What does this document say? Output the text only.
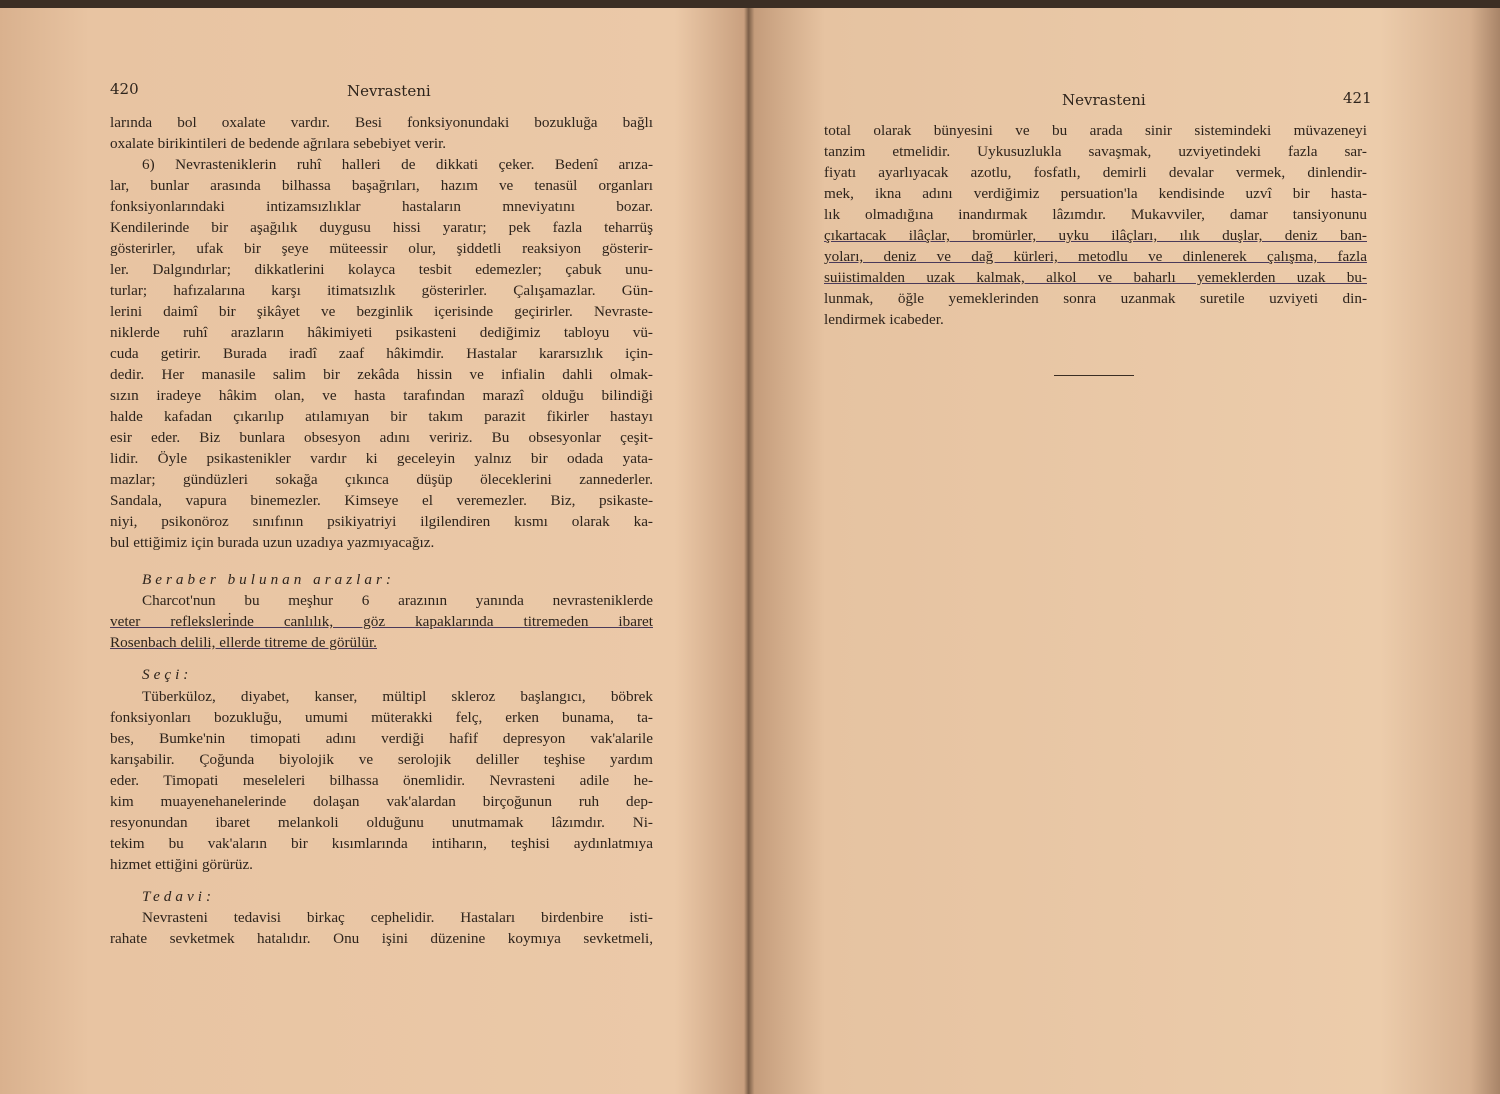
420	Nevrasteni
larında bol oxalate vardır. Besi fonksiyonundaki bozukluğa bağlı
oxalate birikintileri de bedende ağrılara sebebiyet verir.
6) Nevrasteniklerin ruhî halleri de dikkati çeker. Bedenî arıza-
lar, bunlar arasında bilhassa başağrıları, hazım ve tenasül organları
fonksiyonlarındaki intizamsızlıklar hastaların mneviyatını bozar.
Kendilerinde bir aşağılık duygusu hissi yaratır; pek fazla teharrüş
gösterirler, ufak bir şeye müteessir olur, şiddetli reaksiyon gösterir-
ler. Dalgındırlar; dikkatlerini kolayca tesbit edemezler; çabuk unu-
turlar; hafızalarına karşı itimatsızlık gösterirler. Çalışamazlar. Gün-
lerini daimî bir şikâyet ve bezginlik içerisinde geçirirler. Nevraste-
niklerde ruhî arazların hâkimiyeti psikasteni dediğimiz tabloyu vü-
cuda getirir. Burada iradî zaaf hâkimdir. Hastalar kararsızlık için-
dedir. Her manasile salim bir zekâda hissin ve infialin dahli olmak-
sızın iradeye hâkim olan, ve hasta tarafından marazî olduğu bilindiği
halde kafadan çıkarılıp atılamıyan bir takım parazit fikirler hastayı
esir eder. Biz bunlara obsesyon adını veririz. Bu obsesyonlar çeşit-
lidir. Öyle psikastenikler vardır ki geceleyin yalnız bir odada yata-
mazlar; gündüzleri sokağa çıkınca düşüp öleceklerini zannederler.
Sandala, vapura binemezler. Kimseye el veremezler. Biz, psikaste-
niyi, psikonöroz sınıfının psikiyatriyi ilgilendiren kısmı olarak ka-
bul ettiğimiz için burada uzun uzadıya yazmıyacağız.
Beraber bulunan arazlar:
Charcot'nun bu meşhur 6 arazının yanında nevrasteniklerde
veter refleksleri̇nde canlılık, göz kapaklarında titremeden ibaret
Rosenbach delili, ellerde titreme de görülür.
Seçi:
Tüberküloz, diyabet, kanser, mültipl skleroz başlangıcı, böbrek
fonksiyonları bozukluğu, umumi müterakki felç, erken bunama, ta-
bes, Bumke'nin timopati adını verdiği hafif depresyon vak'alarile
karışabilir. Çoğunda biyolojik ve serolojik deliller teşhise yardım
eder. Timopati meseleleri bilhassa önemlidir. Nevrasteni adile he-
kim muayenehanelerinde dolaşan vak'alardan birçoğunun ruh dep-
resyonundan ibaret melankoli olduğunu unutmamak lâzımdır. Ni-
tekim bu vak'aların bir kısımlarında intiharın, teşhisi aydınlatmıya
hizmet ettiğini görürüz.
Tedavi:
Nevrasteni tedavisi birkaç cephelidir. Hastaları birdenbire isti-
rahate sevketmek hatalıdır. Onu işini düzenine koymıya sevketmeli,
Nevrasteni	421
total olarak bünyesini ve bu arada sinir sistemindeki müvazeneyi
tanzim etmelidir. Uykusuzlukla savaşmak, uzviyetindeki fazla sar-
fiyatı ayarlıyacak azotlu, fosfatlı, demirli devalar vermek, dinlendir-
mek, ikna adını verdiğimiz persuation'la kendisinde uzvî bir hasta-
lık olmadığına inandırmak lâzımdır. Mukavviler, damar tansiyonunu
çıkartacak ilâçlar, bromürler, uyku ilâçları, ılık duşlar, deniz ban-
yoları, deniz ve dağ kürleri, metodlu ve dinlenerek çalışma, fazla
suiistimalden uzak kalmak, alkol ve baharlı yemeklerden uzak bu-
lunmak, öğle yemeklerinden sonra uzanmak suretile uzviyeti din-
lendirmek icabeder.
